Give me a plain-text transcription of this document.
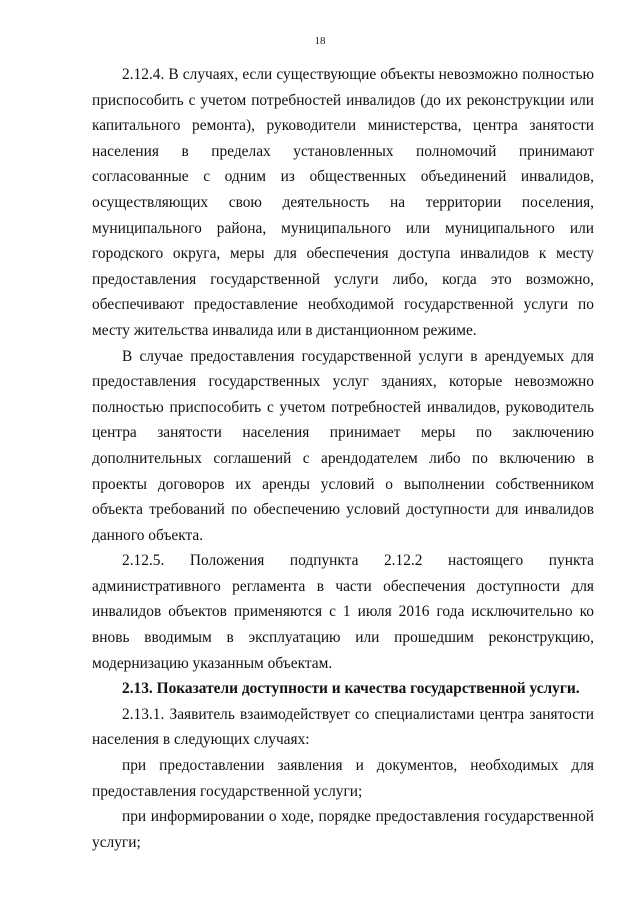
18

2.12.4. В случаях, если существующие объекты невозможно полностью приспособить с учетом потребностей инвалидов (до их реконструкции или капитального ремонта), руководители министерства, центра занятости населения в пределах установленных полномочий принимают согласованные с одним из общественных объединений инвалидов, осуществляющих свою деятельность на территории поселения, муниципального района, муниципального или муниципального или городского округа, меры для обеспечения доступа инвалидов к месту предоставления государственной услуги либо, когда это возможно, обеспечивают предоставление необходимой государственной услуги по месту жительства инвалида или в дистанционном режиме.

В случае предоставления государственной услуги в арендуемых для предоставления государственных услуг зданиях, которые невозможно полностью приспособить с учетом потребностей инвалидов, руководитель центра занятости населения принимает меры по заключению дополнительных соглашений с арендодателем либо по включению в проекты договоров их аренды условий о выполнении собственником объекта требований по обеспечению условий доступности для инвалидов данного объекта.

2.12.5. Положения подпункта 2.12.2 настоящего пункта административного регламента в части обеспечения доступности для инвалидов объектов применяются с 1 июля 2016 года исключительно ко вновь вводимым в эксплуатацию или прошедшим реконструкцию, модернизацию указанным объектам.

2.13. Показатели доступности и качества государственной услуги.

2.13.1. Заявитель взаимодействует со специалистами центра занятости населения в следующих случаях:

при предоставлении заявления и документов, необходимых для предоставления государственной услуги;

при информировании о ходе, порядке предоставления государственной услуги;
